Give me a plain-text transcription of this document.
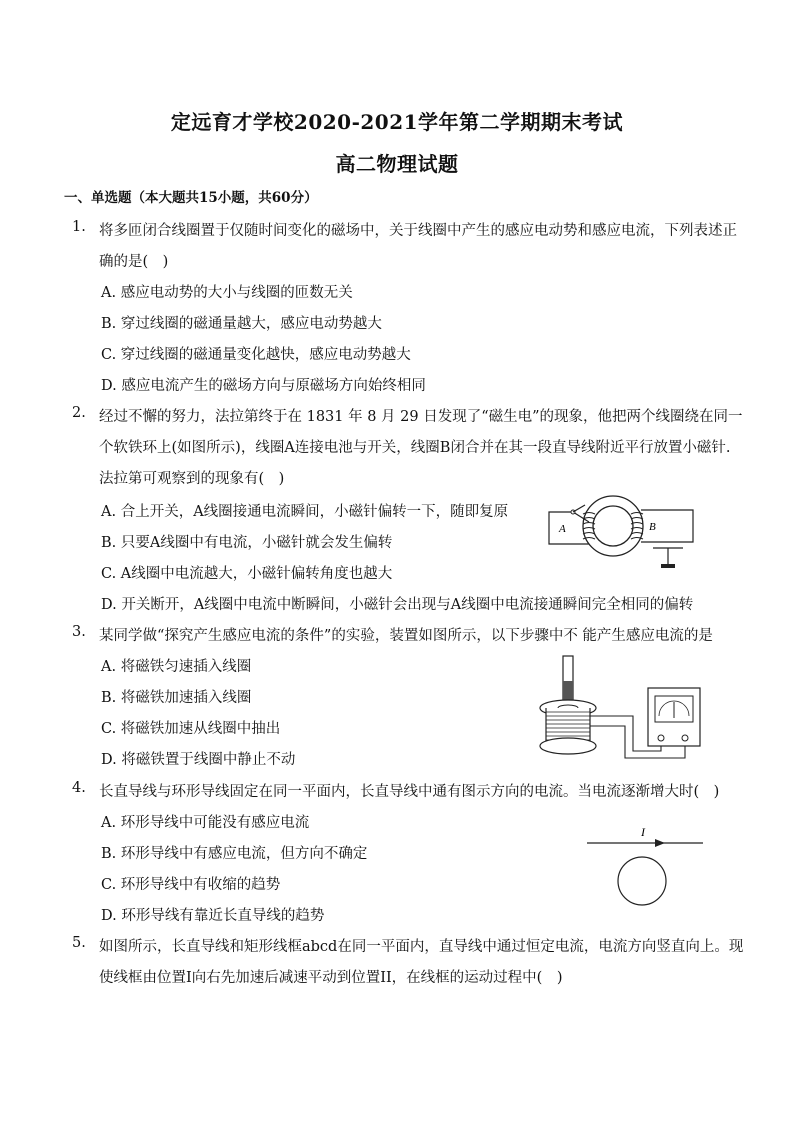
定远育才学校2020-2021学年第二学期期末考试
高二物理试题
一、单选题（本大题共15小题，共60分）
1. 将多匝闭合线圈置于仅随时间变化的磁场中，关于线圈中产生的感应电动势和感应电流，下列表述正
确的是(　)
A. 感应电动势的大小与线圈的匝数无关
B. 穿过线圈的磁通量越大，感应电动势越大
C. 穿过线圈的磁通量变化越快，感应电动势越大
D. 感应电流产生的磁场方向与原磁场方向始终相同
2. 经过不懈的努力，法拉第终于在 1831 年 8 月 29 日发现了“磁生电”的现象，他把两个线圈绕在同一
个软铁环上(如图所示)，线圈A连接电池与开关，线圈B闭合并在其一段直导线附近平行放置小磁针.
法拉第可观察到的现象有(　)
A. 合上开关，A线圈接通电流瞬间，小磁针偏转一下，随即复原
B. 只要A线圈中有电流，小磁针就会发生偏转
C. A线圈中电流越大，小磁针偏转角度也越大
D. 开关断开，A线圈中电流中断瞬间，小磁针会出现与A线圈中电流接通瞬间完全相同的偏转
A	B
3. 某同学做“探究产生感应电流的条件”的实验，装置如图所示，以下步骤中不 能产生感应电流的是
A. 将磁铁匀速插入线圈
B. 将磁铁加速插入线圈
C. 将磁铁加速从线圈中抽出
D. 将磁铁置于线圈中静止不动
4. 长直导线与环形导线固定在同一平面内，长直导线中通有图示方向的电流。当电流逐渐增大时(　)
A. 环形导线中可能没有感应电流
B. 环形导线中有感应电流，但方向不确定
C. 环形导线中有收缩的趋势
D. 环形导线有靠近长直导线的趋势
I
5. 如图所示，长直导线和矩形线框abcd在同一平面内，直导线中通过恒定电流，电流方向竖直向上。现
使线框由位置I向右先加速后减速平动到位置II，在线框的运动过程中(　)
